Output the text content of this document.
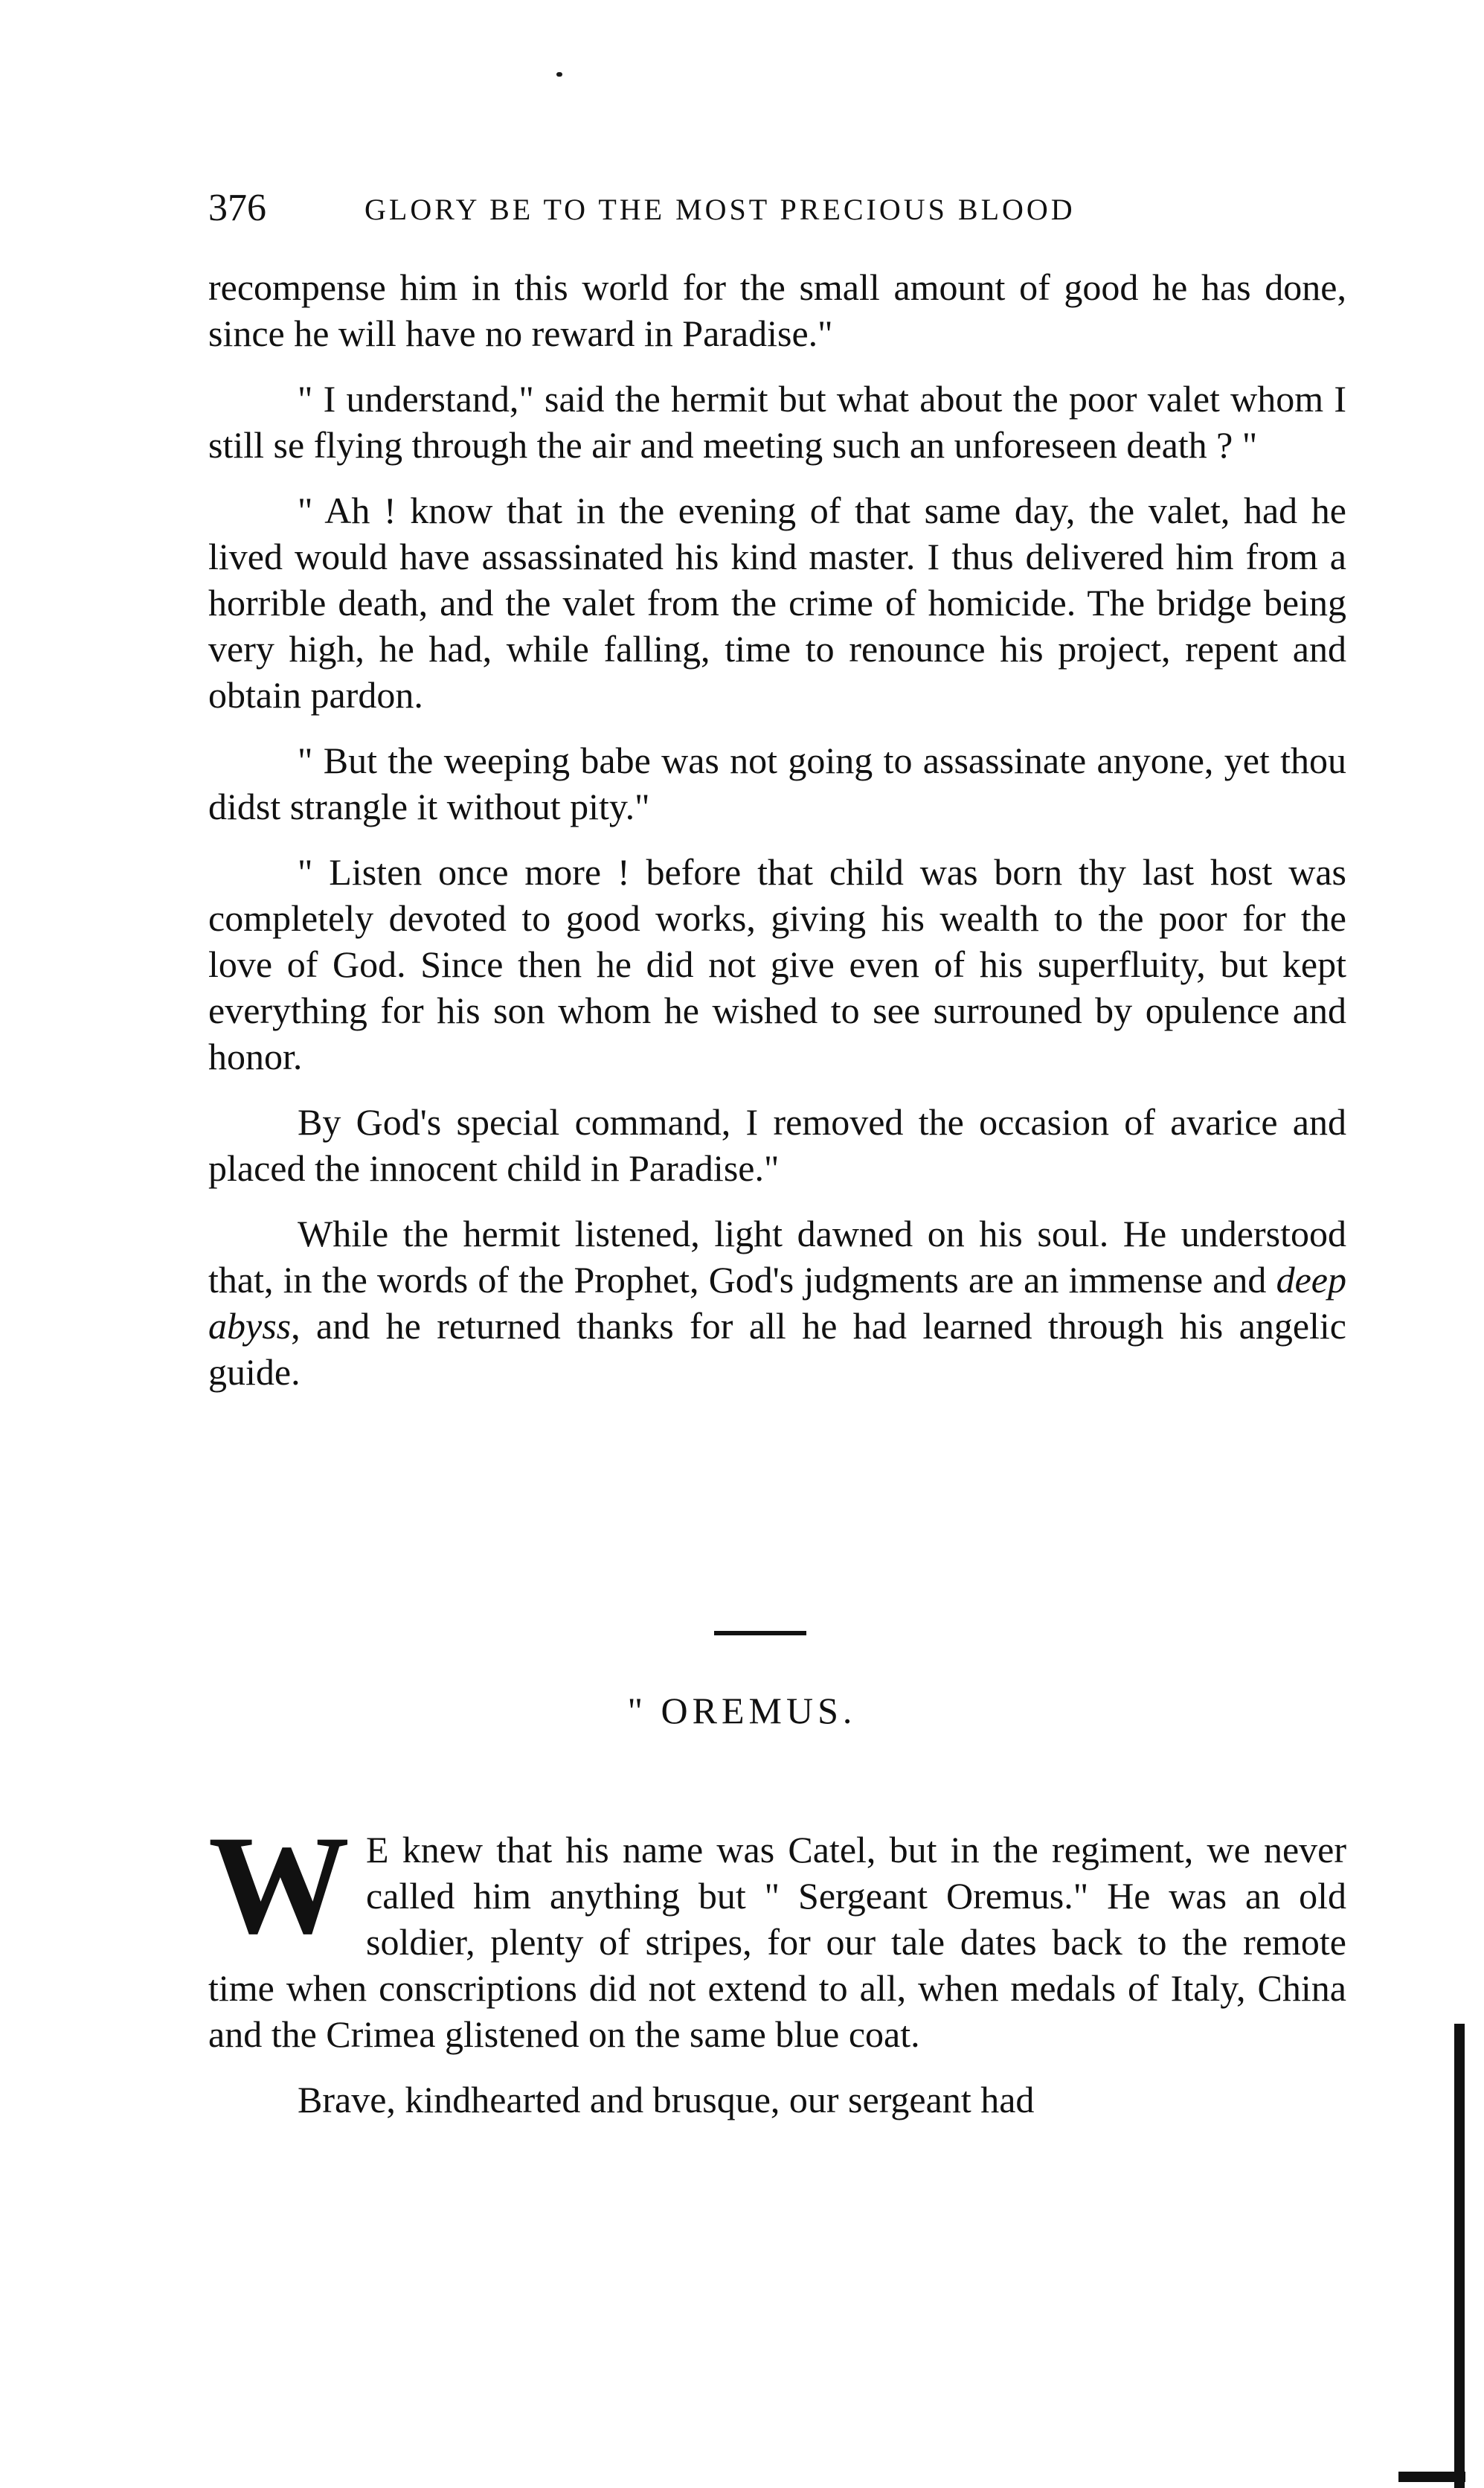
376	GLORY BE TO THE MOST PRECIOUS BLOOD

recompense him in this world for the small amount of good he has done, since he will have no reward in Paradise."

" I understand," said the hermit but what about the poor valet whom I still se flying through the air and meeting such an unforeseen death ? "

" Ah ! know that in the evening of that same day, the valet, had he lived would have assassinated his kind master. I thus delivered him from a horrible death, and the valet from the crime of homicide. The bridge being very high, he had, while falling, time to renounce his project, repent and obtain pardon.

" But the weeping babe was not going to assassinate anyone, yet thou didst strangle it without pity."

" Listen once more ! before that child was born thy last host was completely devoted to good works, giving his wealth to the poor for the love of God. Since then he did not give even of his superfluity, but kept everything for his son whom he wished to see surrouned by opulence and honor.

By God's special command, I removed the occasion of avarice and placed the innocent child in Paradise."

While the hermit listened, light dawned on his soul. He understood that, in the words of the Prophet, God's judgments are an immense and deep abyss, and he returned thanks for all he had learned through his angelic guide.

" OREMUS.

W E knew that his name was Catel, but in the regiment, we never called him anything but " Sergeant Oremus." He was an old soldier, plenty of stripes, for our tale dates back to the remote time when conscriptions did not extend to all, when medals of Italy, China and the Crimea glistened on the same blue coat.

Brave, kindhearted and brusque, our sergeant had
